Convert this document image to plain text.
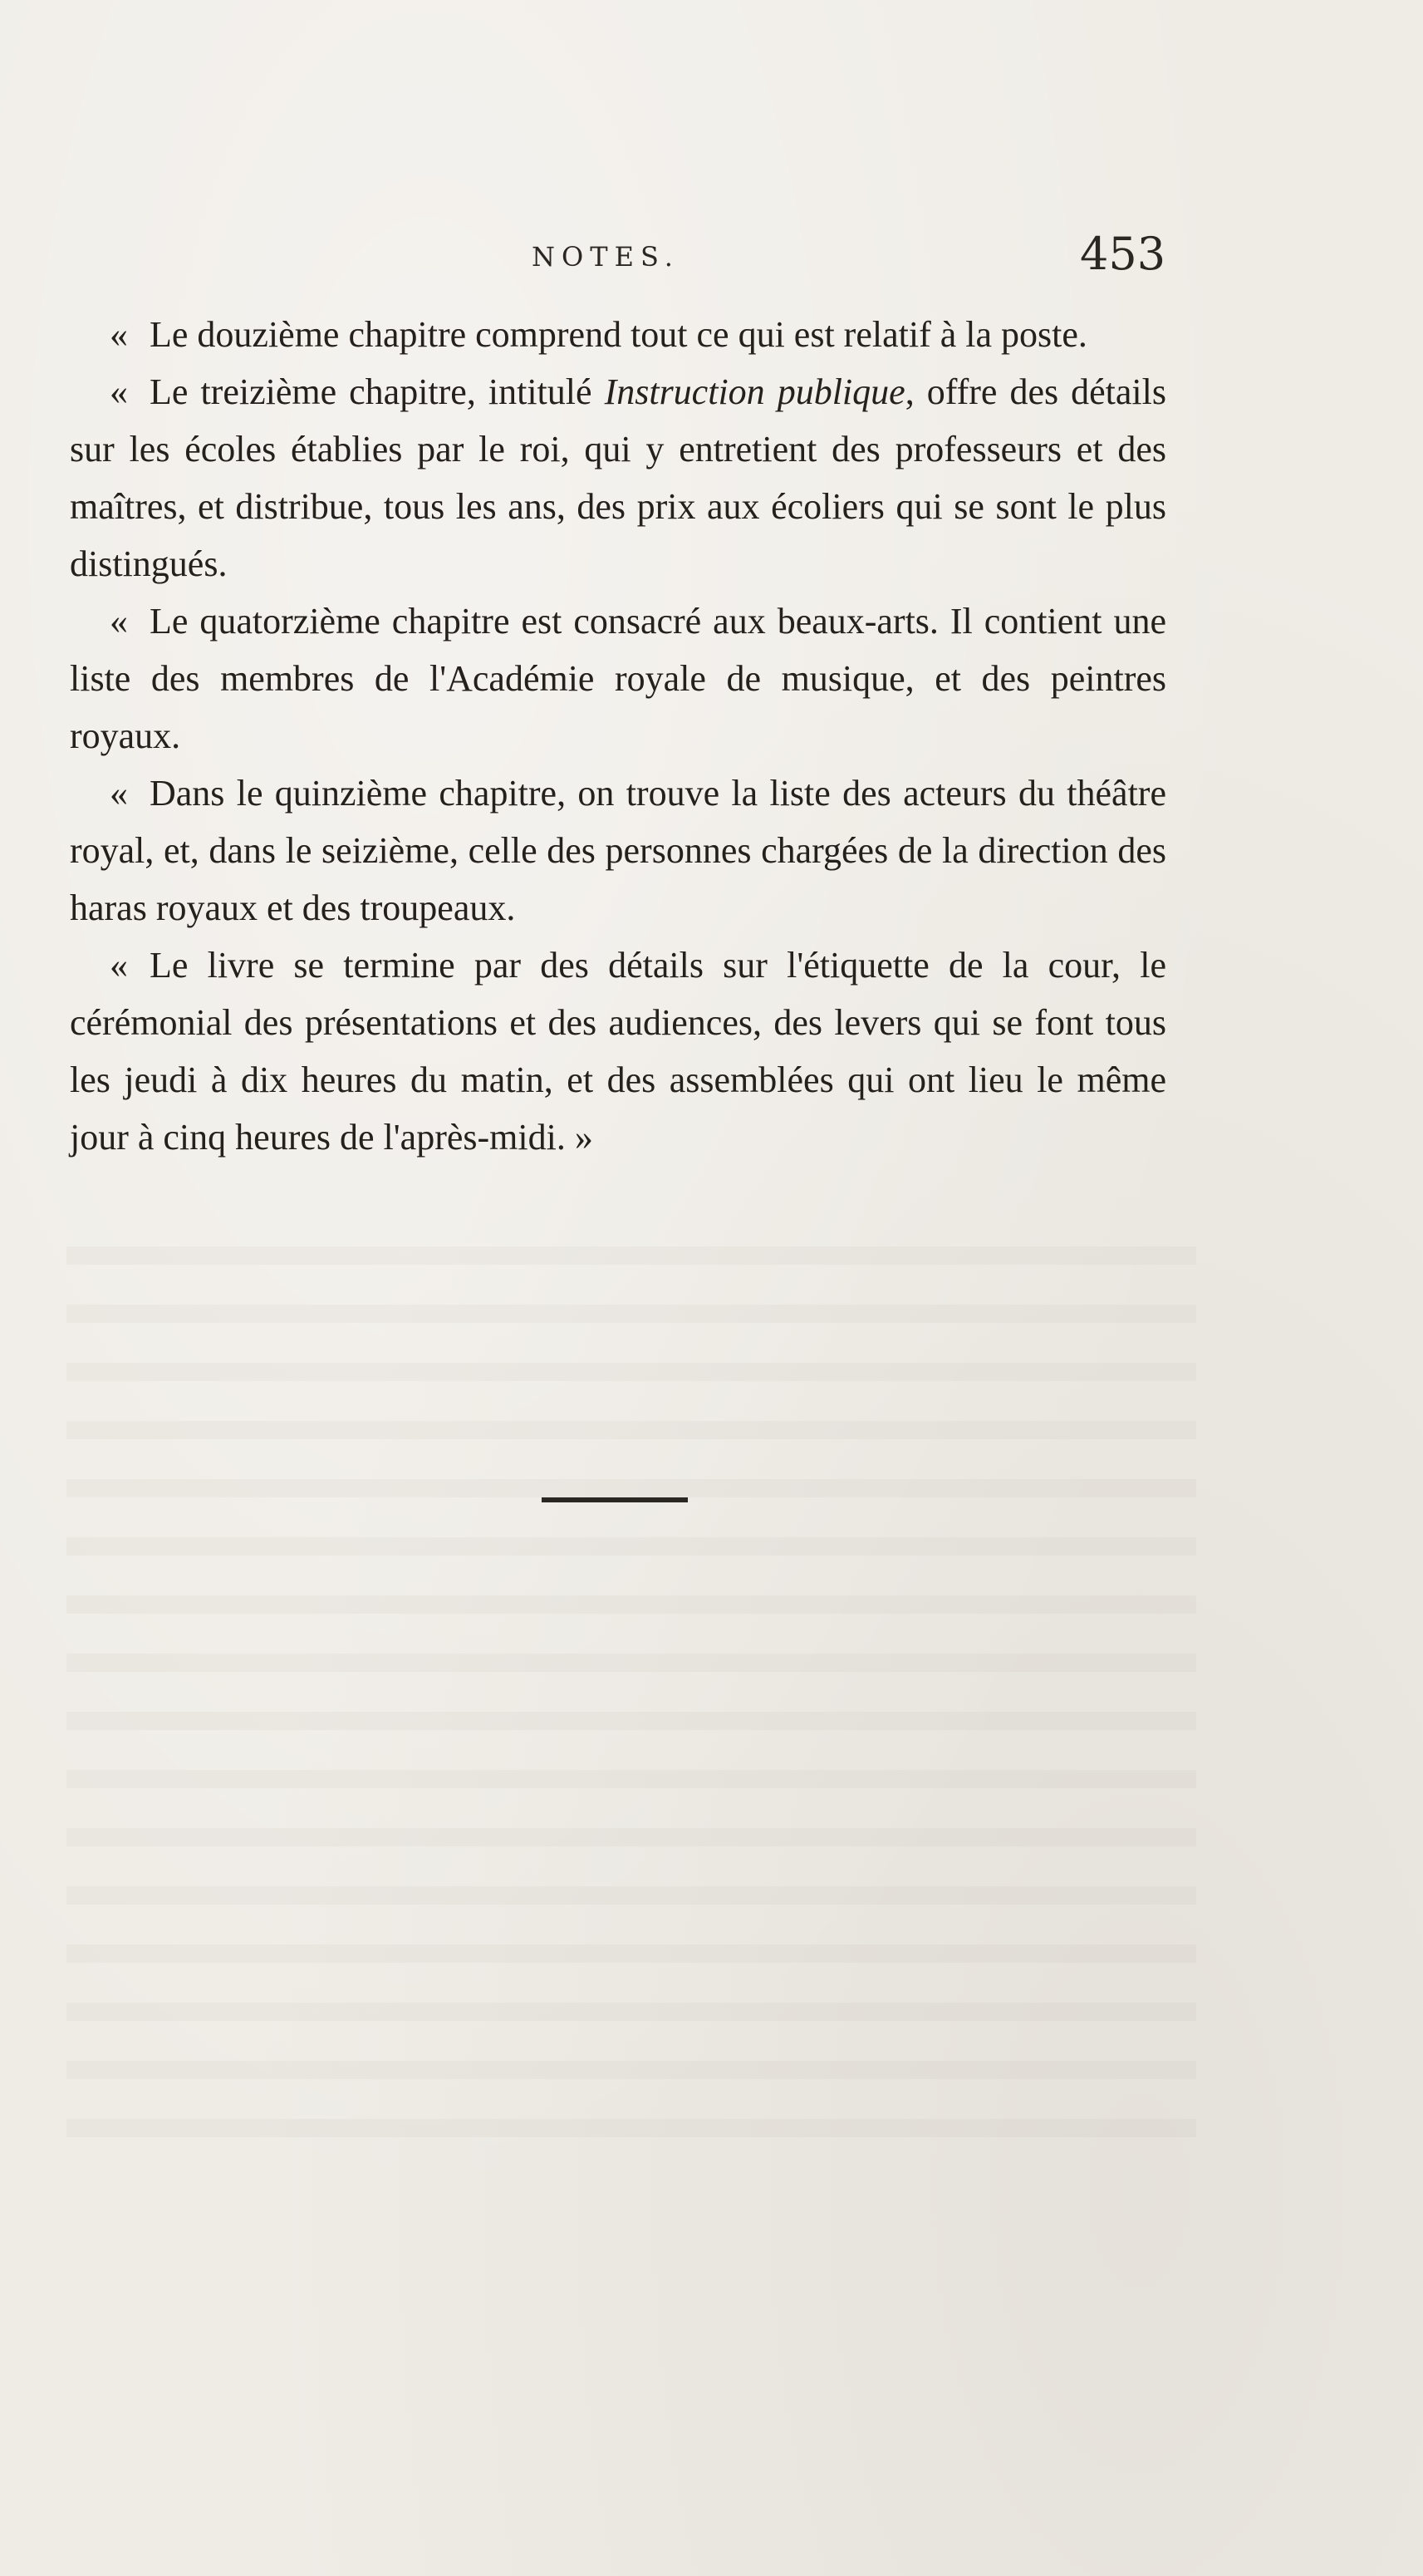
NOTES.	453

« Le douzième chapitre comprend tout ce qui est relatif à la poste.

« Le treizième chapitre, intitulé Instruction publique, offre des détails sur les écoles établies par le roi, qui y entretient des professeurs et des maîtres, et distribue, tous les ans, des prix aux écoliers qui se sont le plus distingués.

« Le quatorzième chapitre est consacré aux beaux-arts. Il contient une liste des membres de l'Académie royale de musique, et des peintres royaux.

« Dans le quinzième chapitre, on trouve la liste des acteurs du théâtre royal, et, dans le seizième, celle des personnes chargées de la direction des haras royaux et des troupeaux.

« Le livre se termine par des détails sur l'étiquette de la cour, le cérémonial des présentations et des audiences, des levers qui se font tous les jeudi à dix heures du matin, et des assemblées qui ont lieu le même jour à cinq heures de l'après-midi. »
